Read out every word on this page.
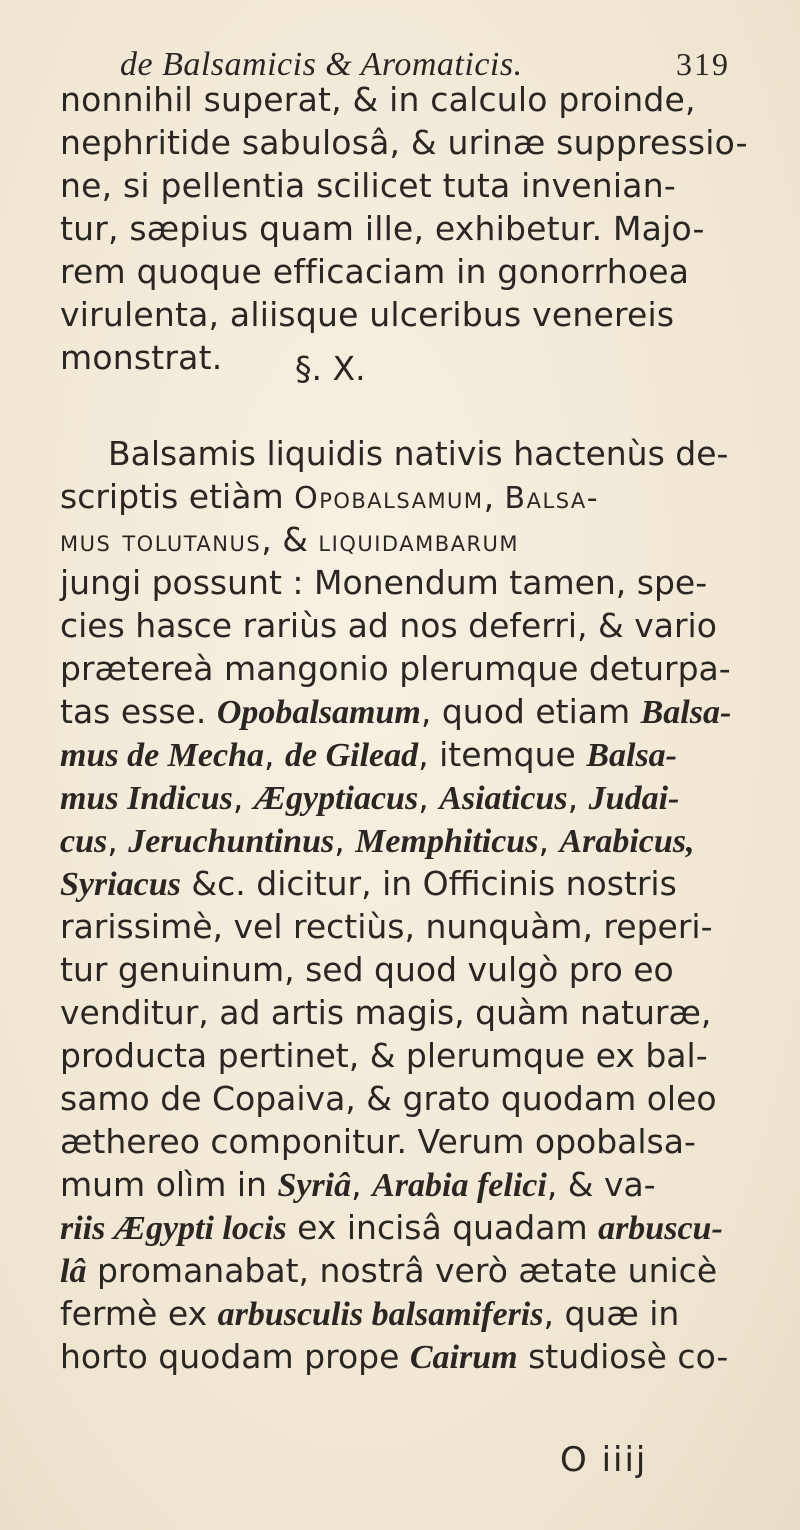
de Balsamicis & Aromaticis.	319
nonnihil superat, & in calculo proinde,
nephritide sabulosâ, & urinæ suppressio-
ne, si pellentia scilicet tuta invenian-
tur, sæpius quam ille, exhibetur. Majo-
rem quoque efficaciam in gonorrhoea
virulenta, aliisque ulceribus venereis
monstrat.	§. X.
Balsamis liquidis nativis hactenùs de-
scriptis etiàm Opobalsamum, Balsa-
mus tolutanus, & liquidambarum
jungi possunt : Monendum tamen, spe-
cies hasce rariùs ad nos deferri, & vario
prætereà mangonio plerumque deturpa-
tas esse. Opobalsamum, quod etiam Balsa-
mus de Mecha, de Gilead, itemque Balsa-
mus Indicus, Ægyptiacus, Asiaticus, Judai-
cus, Jeruchuntinus, Memphiticus, Arabicus,
Syriacus &c. dicitur, in Officinis nostris
rarissimè, vel rectiùs, nunquàm, reperi-
tur genuinum, sed quod vulgò pro eo
venditur, ad artis magis, quàm naturæ,
producta pertinet, & plerumque ex bal-
samo de Copaiva, & grato quodam oleo
æthereo componitur. Verum opobalsa-
mum olìm in Syriâ, Arabia felici, & va-
riis Ægypti locis ex incisâ quadam arbuscu-
lâ promanabat, nostrâ verò ætate unicè
fermè ex arbusculis balsamiferis, quæ in
horto quodam prope Cairum studiosè co-
O iiij
